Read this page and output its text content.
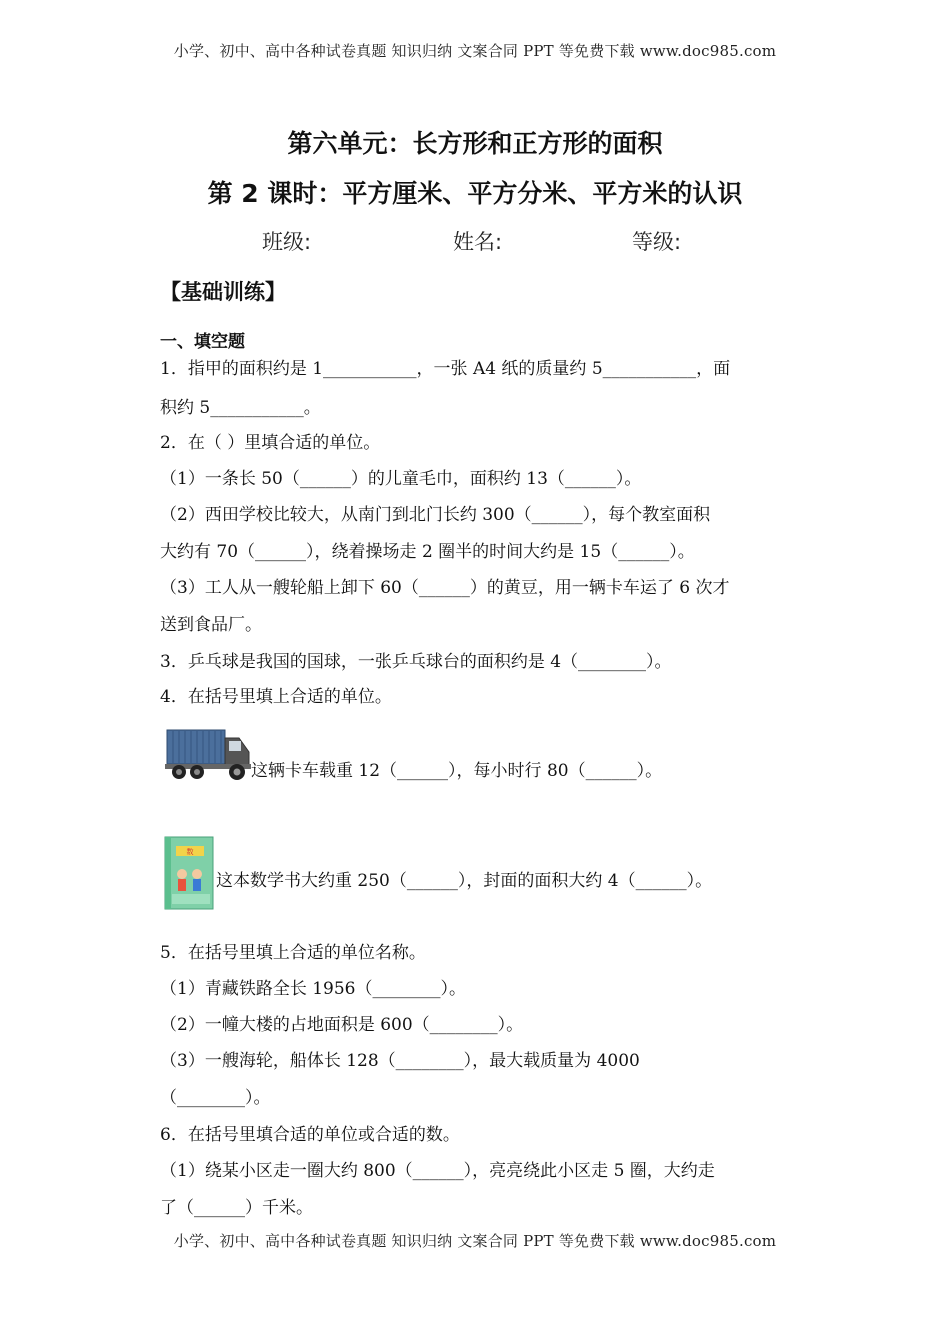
小学、初中、高中各种试卷真题 知识归纳 文案合同 PPT 等免费下载 www.doc985.com
第六单元：长方形和正方形的面积
第 2 课时：平方厘米、平方分米、平方米的认识
班级:	姓名:	等级:
【基础训练】
一、填空题
1．指甲的面积约是 1___________，一张 A4 纸的质量约 5___________，面
积约 5___________。
2．在（ ）里填合适的单位。
（1）一条长 50（______）的儿童毛巾，面积约 13（______）。
（2）西田学校比较大，从南门到北门长约 300（______），每个教室面积
大约有 70（______），绕着操场走 2 圈半的时间大约是 15（______）。
（3）工人从一艘轮船上卸下 60（______）的黄豆，用一辆卡车运了 6 次才
送到食品厂。
3．乒乓球是我国的国球，一张乒乓球台的面积约是 4（________）。
4．在括号里填上合适的单位。
这辆卡车载重 12（______），每小时行 80（______）。
数
这本数学书大约重 250（______），封面的面积大约 4（______）。
5．在括号里填上合适的单位名称。
（1）青藏铁路全长 1956（________）。
（2）一幢大楼的占地面积是 600（________）。
（3）一艘海轮，船体长 128（________），最大载质量为 4000
（________）。
6．在括号里填合适的单位或合适的数。
（1）绕某小区走一圈大约 800（______），亮亮绕此小区走 5 圈，大约走
了（______）千米。
小学、初中、高中各种试卷真题 知识归纳 文案合同 PPT 等免费下载 www.doc985.com
